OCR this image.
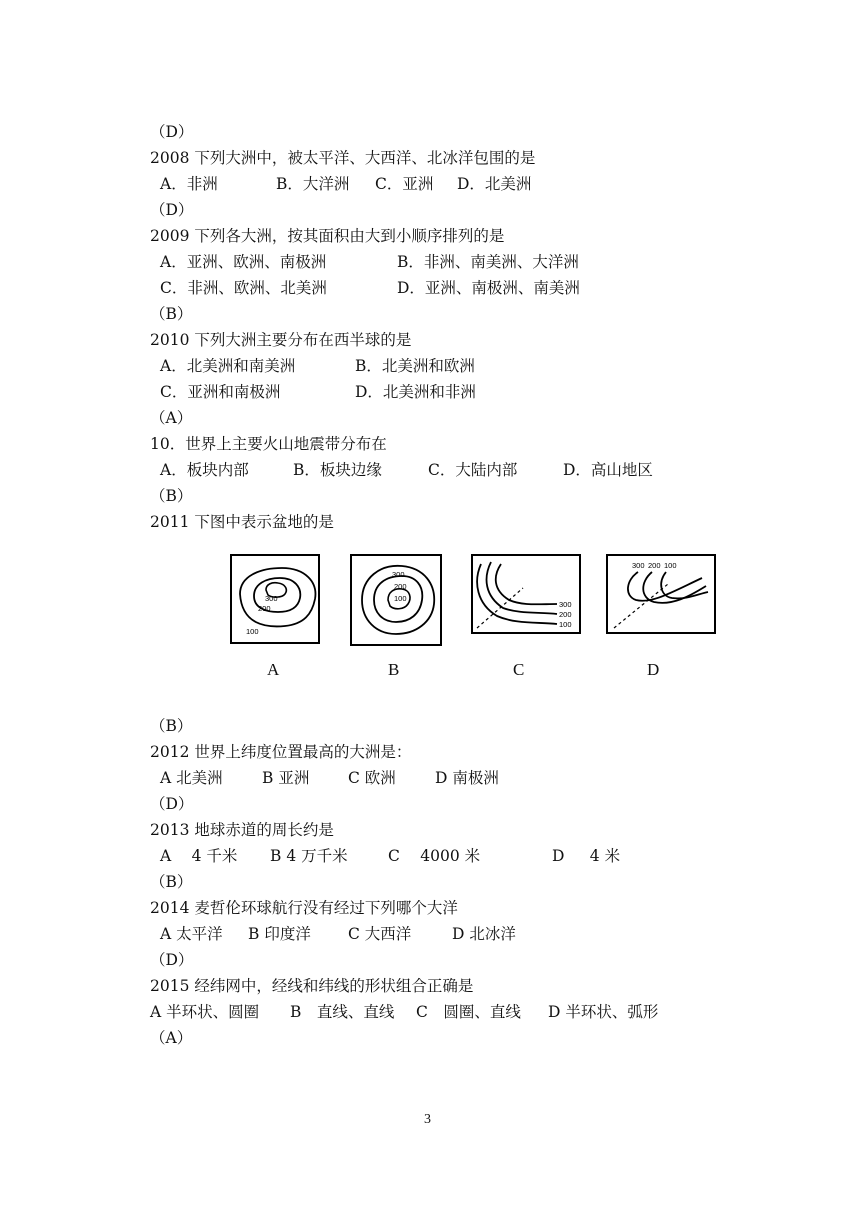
（D）
2008 下列大洲中，被太平洋、大西洋、北冰洋包围的是
A．非洲	B．大洋洲 C．亚洲 D．北美洲
（D）
2009 下列各大洲，按其面积由大到小顺序排列的是
A．亚洲、欧洲、南极洲	B．非洲、南美洲、大洋洲
C．非洲、欧洲、北美洲	D．亚洲、南极洲、南美洲
（B）
2010 下列大洲主要分布在西半球的是
A．北美洲和南美洲	B．北美洲和欧洲
C．亚洲和南极洲	D．北美洲和非洲
（A）
10．世界上主要火山地震带分布在
A．板块内部	B．板块边缘	C．大陆内部	D．高山地区
（B）
2011 下图中表示盆地的是
300
200
100
A
300
200
100
B
300
200
100
C
300 200 100
D
（B）
2012 世界上纬度位置最高的大洲是：
A 北美洲	B 亚洲 C 欧洲	D 南极洲
（D）
2013 地球赤道的周长约是
A　 4 千米 B 4 万千米	C　 4000 米	D　  4 米
（B）
2014 麦哲伦环球航行没有经过下列哪个大洋
A 太平洋 B 印度洋 C 大西洋	D 北冰洋
（D）
2015 经纬网中，经线和纬线的形状组合正确是
A 半环状、圆圈 B　直线、直线 C　圆圈、直线 D 半环状、弧形
（A）
3
